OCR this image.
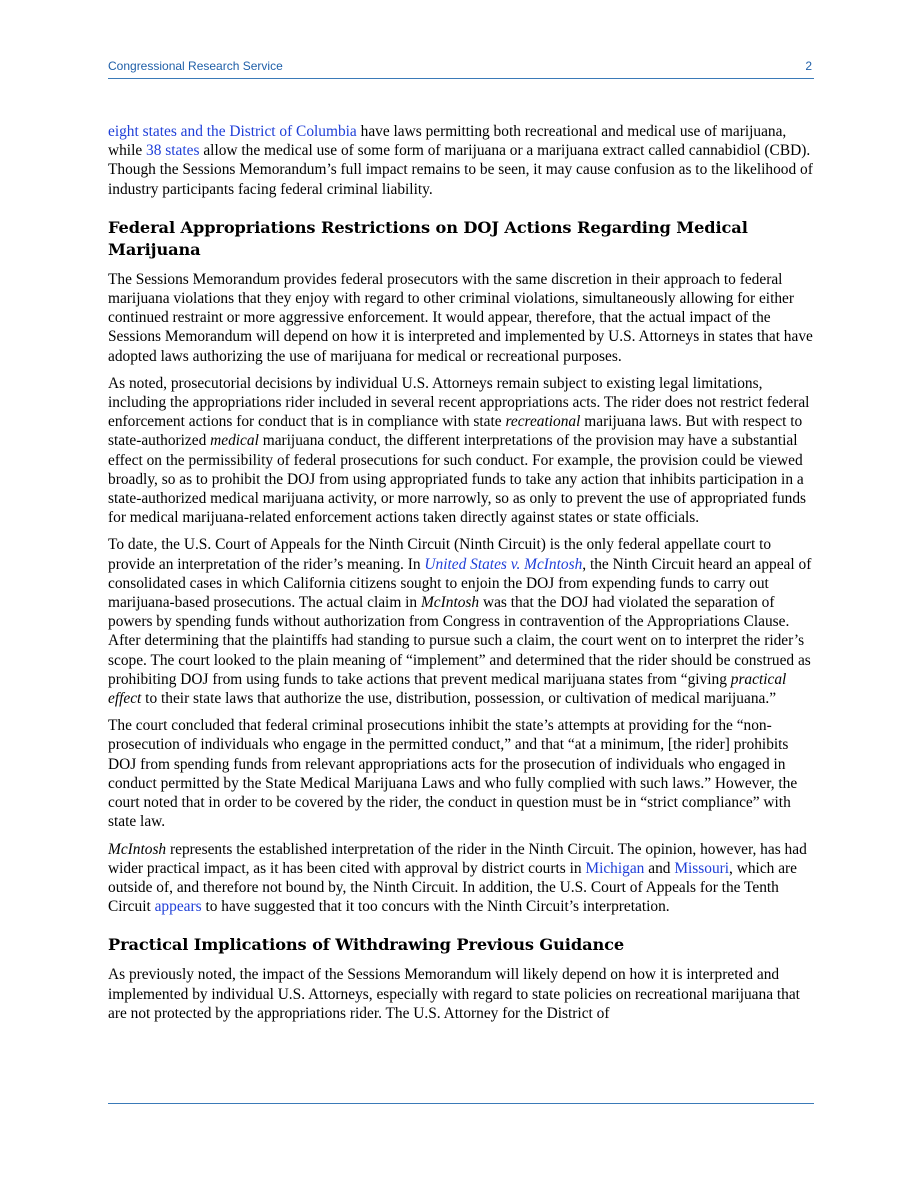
Congressional Research Service	2

eight states and the District of Columbia have laws permitting both recreational and medical use of marijuana, while 38 states allow the medical use of some form of marijuana or a marijuana extract called cannabidiol (CBD). Though the Sessions Memorandum’s full impact remains to be seen, it may cause confusion as to the likelihood of industry participants facing federal criminal liability.

Federal Appropriations Restrictions on DOJ Actions Regarding Medical Marijuana

The Sessions Memorandum provides federal prosecutors with the same discretion in their approach to federal marijuana violations that they enjoy with regard to other criminal violations, simultaneously allowing for either continued restraint or more aggressive enforcement. It would appear, therefore, that the actual impact of the Sessions Memorandum will depend on how it is interpreted and implemented by U.S. Attorneys in states that have adopted laws authorizing the use of marijuana for medical or recreational purposes.

As noted, prosecutorial decisions by individual U.S. Attorneys remain subject to existing legal limitations, including the appropriations rider included in several recent appropriations acts. The rider does not restrict federal enforcement actions for conduct that is in compliance with state recreational marijuana laws. But with respect to state-authorized medical marijuana conduct, the different interpretations of the provision may have a substantial effect on the permissibility of federal prosecutions for such conduct. For example, the provision could be viewed broadly, so as to prohibit the DOJ from using appropriated funds to take any action that inhibits participation in a state-authorized medical marijuana activity, or more narrowly, so as only to prevent the use of appropriated funds for medical marijuana-related enforcement actions taken directly against states or state officials.

To date, the U.S. Court of Appeals for the Ninth Circuit (Ninth Circuit) is the only federal appellate court to provide an interpretation of the rider’s meaning. In United States v. McIntosh, the Ninth Circuit heard an appeal of consolidated cases in which California citizens sought to enjoin the DOJ from expending funds to carry out marijuana-based prosecutions. The actual claim in McIntosh was that the DOJ had violated the separation of powers by spending funds without authorization from Congress in contravention of the Appropriations Clause. After determining that the plaintiffs had standing to pursue such a claim, the court went on to interpret the rider’s scope. The court looked to the plain meaning of “implement” and determined that the rider should be construed as prohibiting DOJ from using funds to take actions that prevent medical marijuana states from “giving practical effect to their state laws that authorize the use, distribution, possession, or cultivation of medical marijuana.”

The court concluded that federal criminal prosecutions inhibit the state’s attempts at providing for the “non-prosecution of individuals who engage in the permitted conduct,” and that “at a minimum, [the rider] prohibits DOJ from spending funds from relevant appropriations acts for the prosecution of individuals who engaged in conduct permitted by the State Medical Marijuana Laws and who fully complied with such laws.” However, the court noted that in order to be covered by the rider, the conduct in question must be in “strict compliance” with state law.

McIntosh represents the established interpretation of the rider in the Ninth Circuit. The opinion, however, has had wider practical impact, as it has been cited with approval by district courts in Michigan and Missouri, which are outside of, and therefore not bound by, the Ninth Circuit. In addition, the U.S. Court of Appeals for the Tenth Circuit appears to have suggested that it too concurs with the Ninth Circuit’s interpretation.

Practical Implications of Withdrawing Previous Guidance

As previously noted, the impact of the Sessions Memorandum will likely depend on how it is interpreted and implemented by individual U.S. Attorneys, especially with regard to state policies on recreational marijuana that are not protected by the appropriations rider. The U.S. Attorney for the District of
